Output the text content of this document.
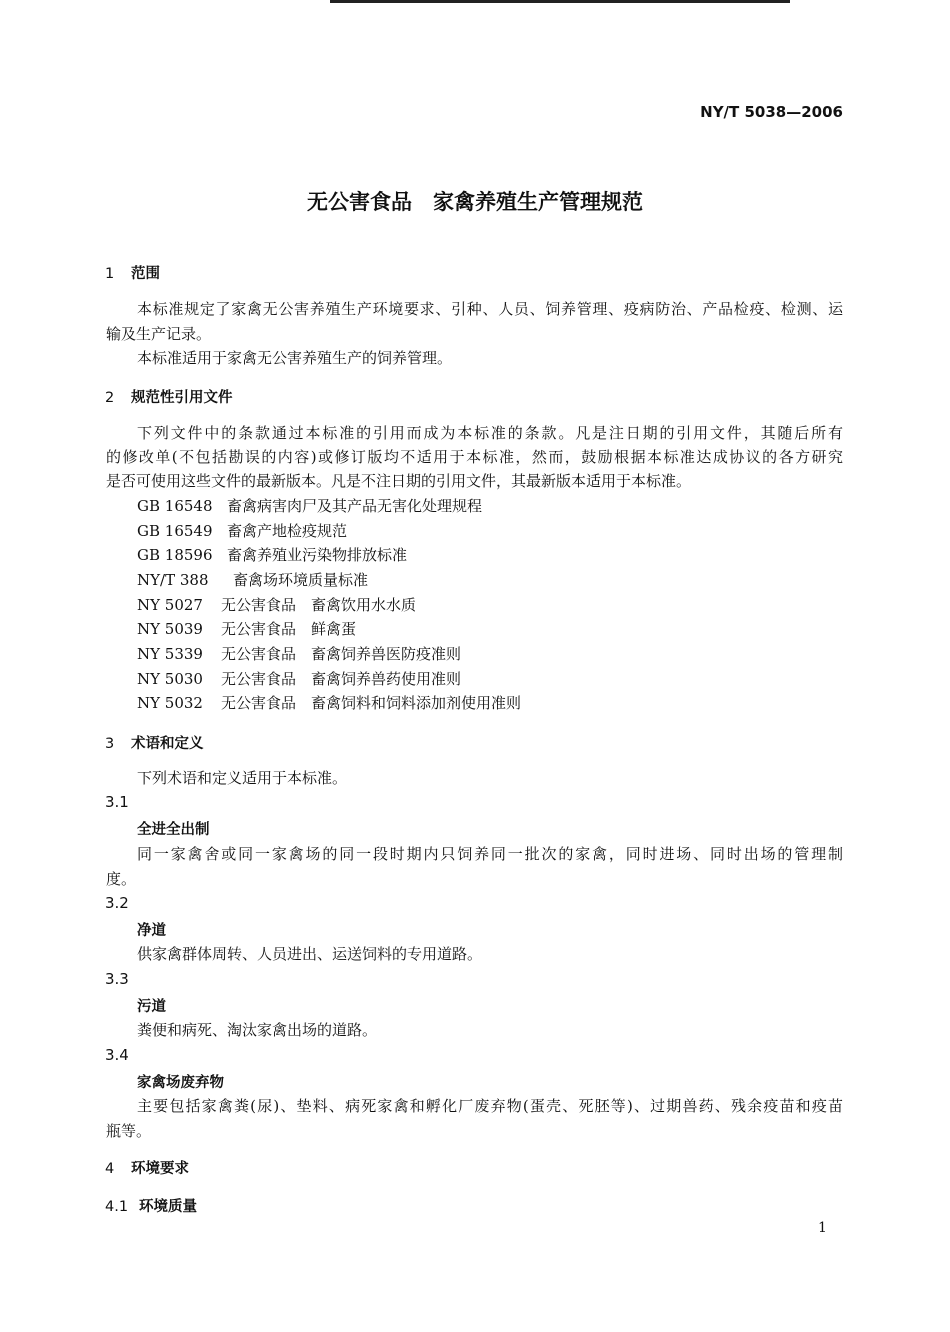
NY/T 5038—2006
无公害食品　家禽养殖生产管理规范
1 范围
本标准规定了家禽无公害养殖生产环境要求、引种、人员、饲养管理、疫病防治、产品检疫、检测、运
输及生产记录。
本标准适用于家禽无公害养殖生产的饲养管理。
2 规范性引用文件
下列文件中的条款通过本标准的引用而成为本标准的条款。凡是注日期的引用文件，其随后所有
的修改单(不包括勘误的内容)或修订版均不适用于本标准，然而，鼓励根据本标准达成协议的各方研究
是否可使用这些文件的最新版本。凡是不注日期的引用文件，其最新版本适用于本标准。
GB 16548 畜禽病害肉尸及其产品无害化处理规程
GB 16549 畜禽产地检疫规范
GB 18596 畜禽养殖业污染物排放标准
NY/T 388 畜禽场环境质量标准
NY 5027 无公害食品　畜禽饮用水水质
NY 5039 无公害食品　鲜禽蛋
NY 5339 无公害食品　畜禽饲养兽医防疫准则
NY 5030 无公害食品　畜禽饲养兽药使用准则
NY 5032 无公害食品　畜禽饲料和饲料添加剂使用准则
3 术语和定义
下列术语和定义适用于本标准。
3.1
全进全出制
同一家禽舍或同一家禽场的同一段时期内只饲养同一批次的家禽，同时进场、同时出场的管理制
度。
3.2
净道
供家禽群体周转、人员进出、运送饲料的专用道路。
3.3
污道
粪便和病死、淘汰家禽出场的道路。
3.4
家禽场废弃物
主要包括家禽粪(尿)、垫料、病死家禽和孵化厂废弃物(蛋壳、死胚等)、过期兽药、残余疫苗和疫苗
瓶等。
4 环境要求
4.1 环境质量
1
